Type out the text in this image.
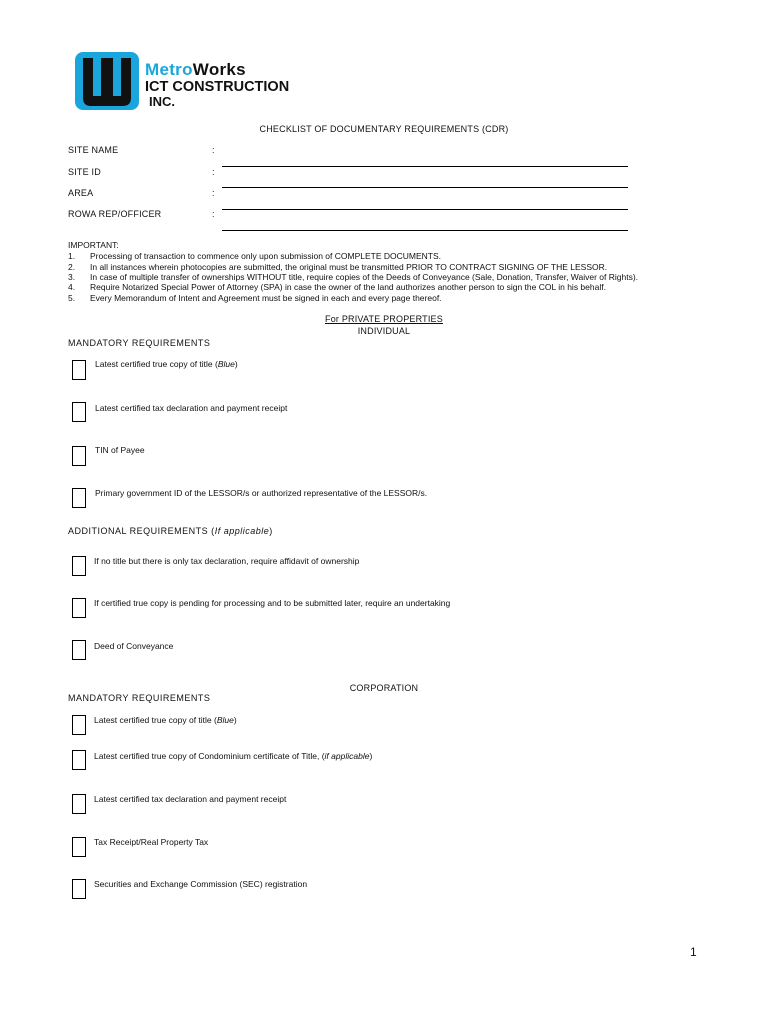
MetroWorks
ICT CONSTRUCTION
INC.
CHECKLIST OF DOCUMENTARY REQUIREMENTS (CDR)
SITE NAME	:
SITE ID	:
AREA	:
ROWA REP/OFFICER	:
IMPORTANT:
1. Processing of transaction to commence only upon submission of COMPLETE DOCUMENTS.
2. In all instances wherein photocopies are submitted, the original must be transmitted PRIOR TO CONTRACT SIGNING OF THE LESSOR.
3. In case of multiple transfer of ownerships WITHOUT title, require copies of the Deeds of Conveyance (Sale, Donation, Transfer, Waiver of Rights).
4. Require Notarized Special Power of Attorney (SPA) in case the owner of the land authorizes another person to sign the COL in his behalf.
5. Every Memorandum of Intent and Agreement must be signed in each and every page thereof.
For PRIVATE PROPERTIES
INDIVIDUAL
MANDATORY REQUIREMENTS
Latest certified true copy of title (Blue)
Latest certified tax declaration and payment receipt
TIN of Payee
Primary government ID of the LESSOR/s or authorized representative of the LESSOR/s.
ADDITIONAL REQUIREMENTS (If applicable)
If no title but there is only tax declaration, require affidavit of ownership
If certified true copy is pending for processing and to be submitted later, require an undertaking
Deed of Conveyance
CORPORATION
MANDATORY REQUIREMENTS
Latest certified true copy of title (Blue)
Latest certified true copy of Condominium certificate of Title, (if applicable)
Latest certified tax declaration and payment receipt
Tax Receipt/Real Property Tax
Securities and Exchange Commission (SEC) registration
1
